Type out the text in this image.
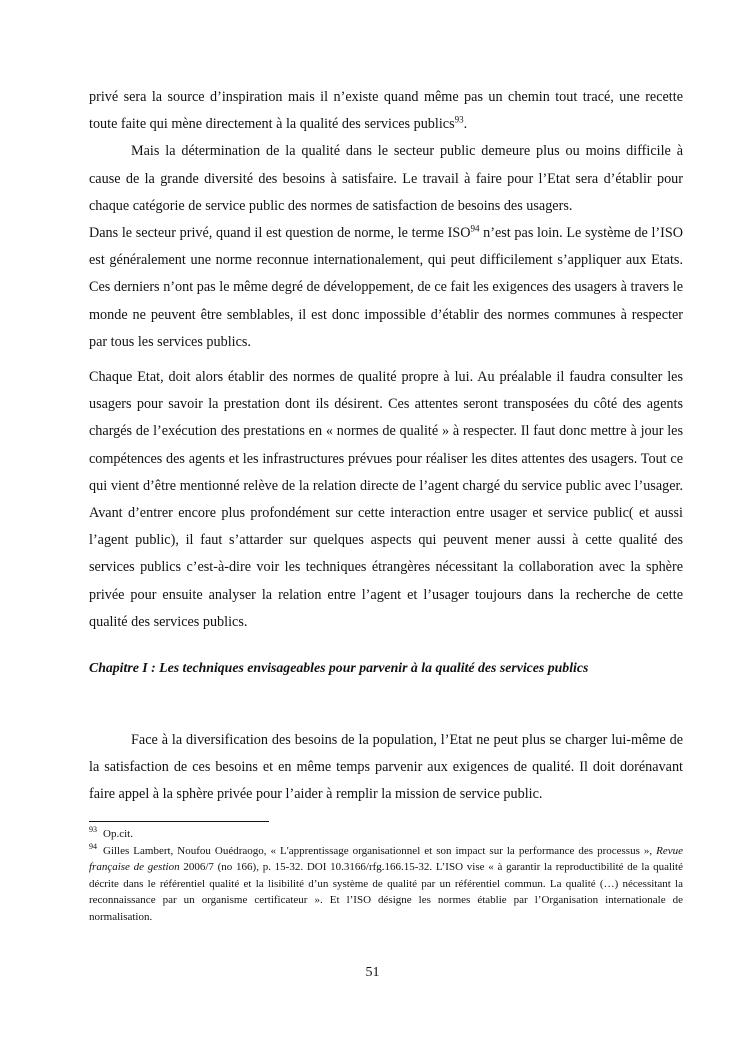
privé sera la source d’inspiration mais il n’existe quand même pas un chemin tout tracé, une recette toute faite qui mène directement à la qualité des services publics$^{93}$.

Mais la détermination de la qualité dans le secteur public demeure plus ou moins difficile à cause de la grande diversité des besoins à satisfaire. Le travail à faire pour l’Etat sera d’établir pour chaque catégorie de service public des normes de satisfaction de besoins des usagers.

Dans le secteur privé, quand il est question de norme, le terme ISO$^{94}$ n’est pas loin. Le système de l’ISO est généralement une norme reconnue internationalement, qui peut difficilement s’appliquer aux Etats. Ces derniers n’ont pas le même degré de développement, de ce fait les exigences des usagers à travers le monde ne peuvent être semblables, il est donc impossible d’établir des normes communes à respecter par tous les services publics.

Chaque Etat, doit alors établir des normes de qualité propre à lui. Au préalable il faudra consulter les usagers pour savoir la prestation dont ils désirent. Ces attentes seront transposées du côté des agents chargés de l’exécution des prestations en « normes de qualité » à respecter. Il faut donc mettre à jour les compétences des agents et les infrastructures prévues pour réaliser les dites attentes des usagers. Tout ce qui vient d’être mentionné relève de la relation directe de l’agent chargé du service public avec l’usager. Avant d’entrer encore plus profondément sur cette interaction entre usager et service public( et aussi l’agent public), il faut s’attarder sur quelques aspects qui peuvent mener aussi à cette qualité des services publics c’est-à-dire voir les techniques étrangères nécessitant la collaboration avec la sphère privée pour ensuite analyser la relation entre l’agent et l’usager toujours dans la recherche de cette qualité des services publics.

Chapitre I : Les techniques envisageables pour parvenir à la qualité des services publics

Face à la diversification des besoins de la population, l’Etat ne peut plus se charger lui-même de la satisfaction de ces besoins et en même temps parvenir aux exigences de qualité. Il doit dorénavant faire appel à la sphère privée pour l’aider à remplir la mission de service public.

$^{93}$ Op.cit.

$^{94}$ Gilles Lambert, Noufou Ouédraogo, « L'apprentissage organisationnel et son impact sur la performance des processus », Revue française de gestion 2006/7 (no 166), p. 15-32. DOI 10.3166/rfg.166.15-32. L’ISO vise « à garantir la reproductibilité de la qualité décrite dans le référentiel qualité et la lisibilité d’un système de qualité par un référentiel commun. La qualité (…) nécessitant la reconnaissance par un organisme certificateur ». Et l’ISO désigne les normes établie par l’Organisation internationale de normalisation.

51
